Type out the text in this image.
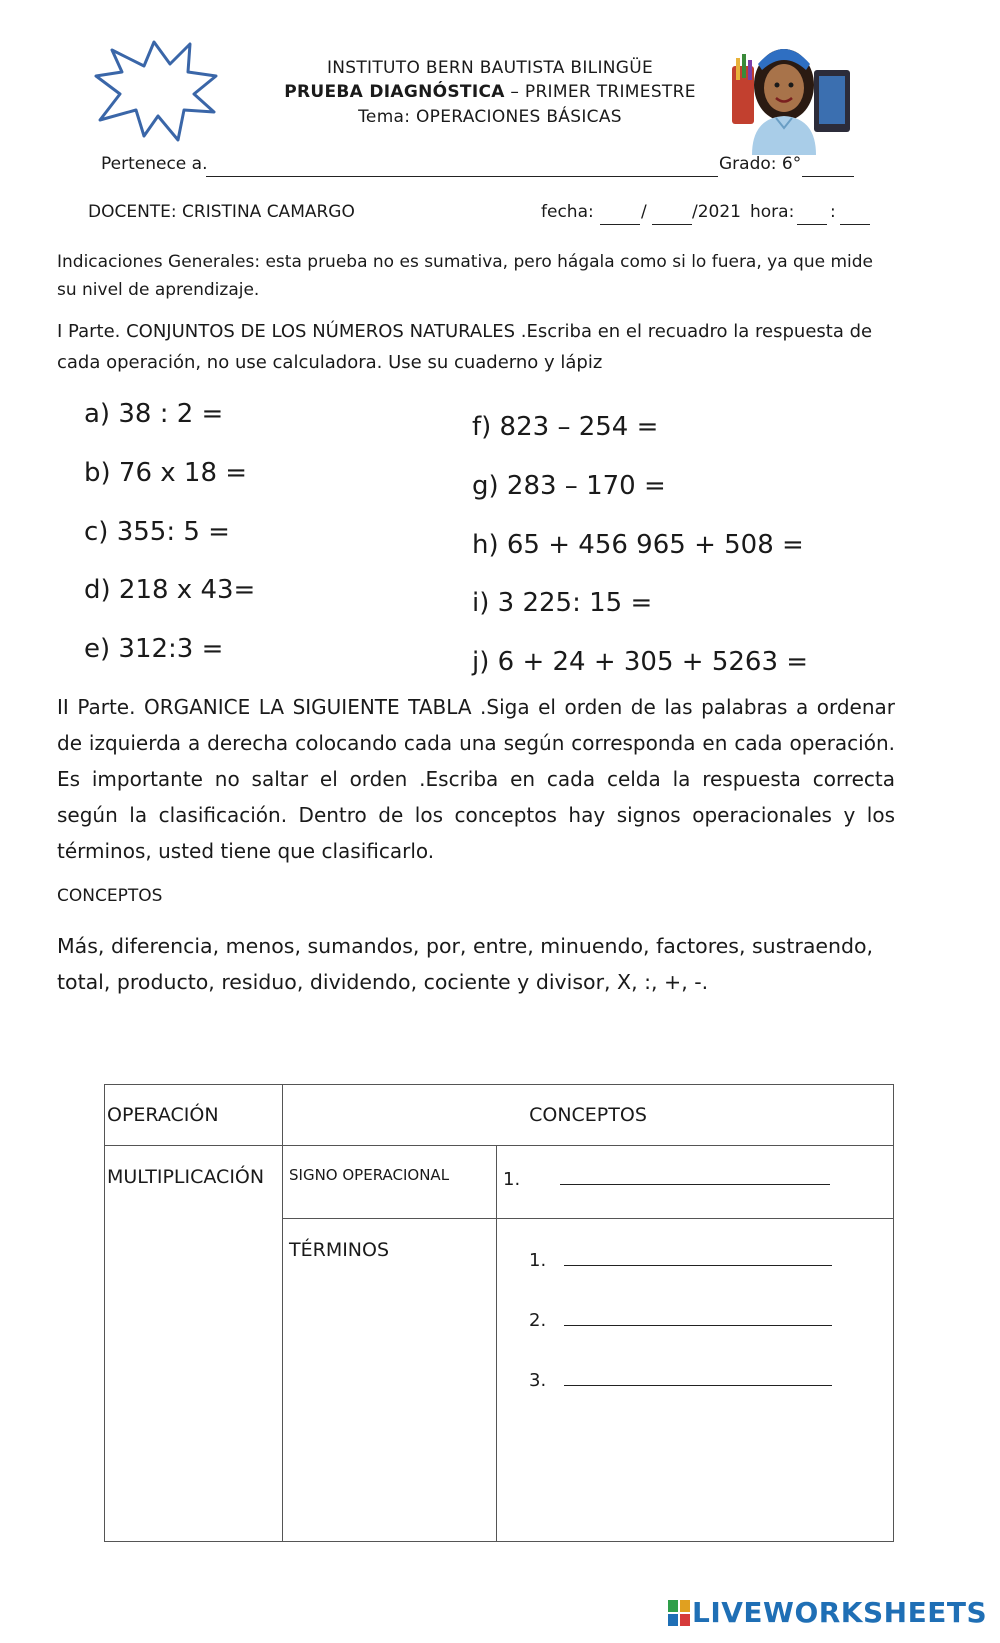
INSTITUTO BERN BAUTISTA BILINGÜE
PRUEBA DIAGNÓSTICA – PRIMER TRIMESTRE
Tema: OPERACIONES BÁSICAS
Pertenece a.	Grado: 6°
DOCENTE: CRISTINA CAMARGO	fecha:	/	/2021 hora: :
Indicaciones Generales: esta prueba no es sumativa, pero hágala como si lo fuera, ya que mide su nivel de aprendizaje.
I Parte. CONJUNTOS DE LOS NÚMEROS NATURALES .Escriba en el recuadro la respuesta de cada operación, no use calculadora. Use su cuaderno y lápiz
a) 38 : 2 =
b) 76 x 18 =
c) 355: 5 =
d) 218 x 43=
e) 312:3 =
f) 823 – 254 =
g) 283 – 170 =
h) 65 + 456 965 + 508 =
i) 3 225: 15 =
j) 6 + 24 + 305 + 5263 =
II Parte. ORGANICE LA SIGUIENTE TABLA .Siga el orden de las palabras a ordenar de izquierda a derecha colocando cada una según corresponda en cada operación. Es importante no saltar el orden .Escriba en cada celda la respuesta correcta según la clasificación. Dentro de los conceptos hay signos operacionales y los términos, usted tiene que clasificarlo.
CONCEPTOS
Más, diferencia, menos, sumandos, por, entre, minuendo, factores, sustraendo, total, producto, residuo, dividendo, cociente y divisor, X, :, +, -.
OPERACIÓN	CONCEPTOS	
MULTIPLICACIÓN	SIGNO OPERACIONAL	1.
	TÉRMINOS	1.
2.
3.
LIVEWORKSHEETS
